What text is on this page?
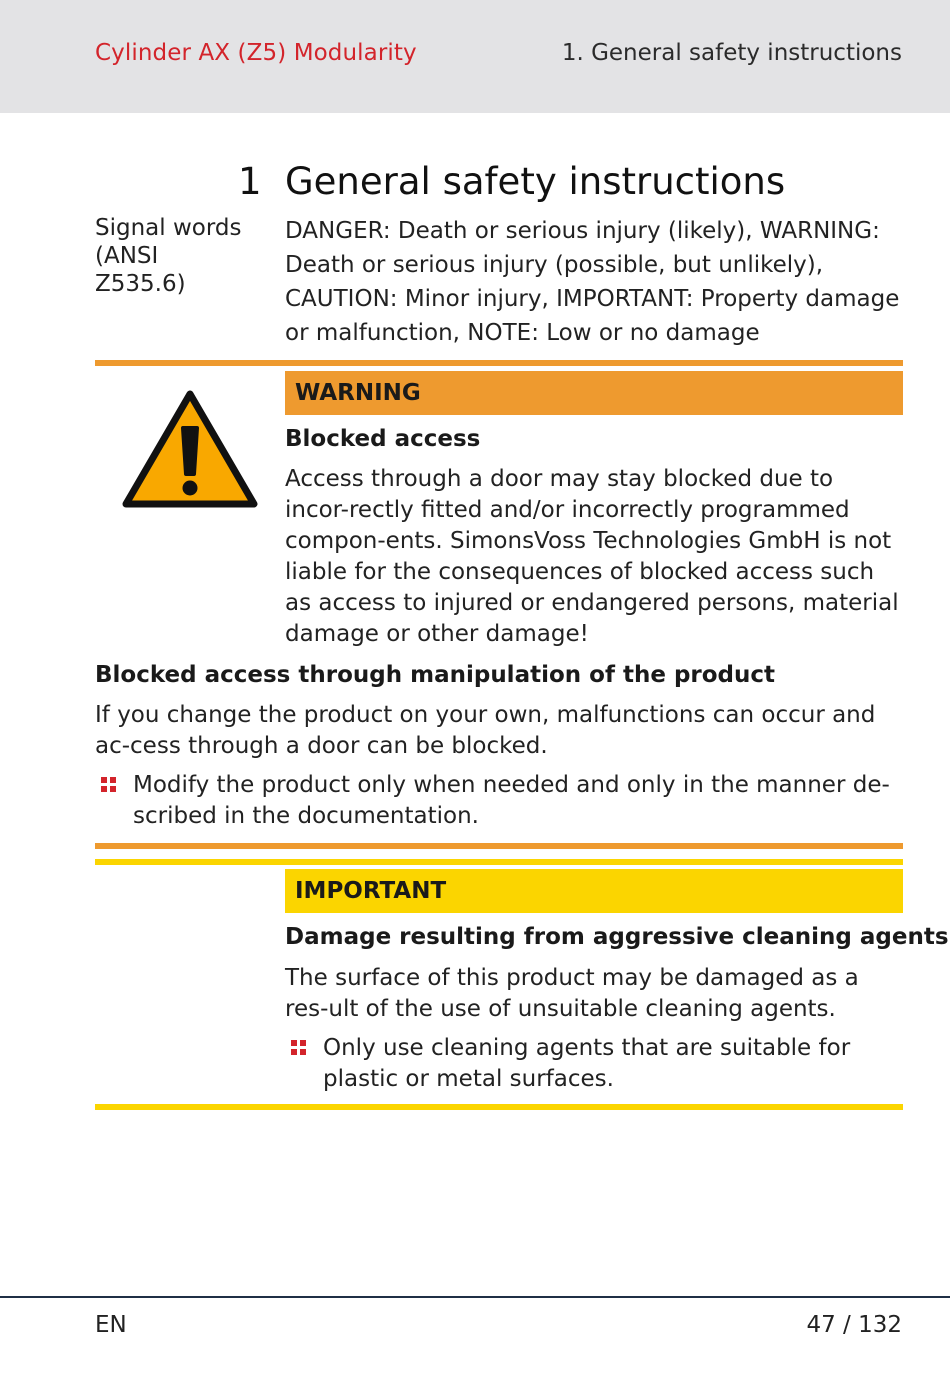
Cylinder AX (Z5) Modularity	1. General safety instructions
1 General safety instructions
Signal words (ANSI Z535.6)
DANGER: Death or serious injury (likely), WARNING: Death or serious injury (possible, but unlikely), CAUTION: Minor injury, IMPORTANT: Property damage or malfunction, NOTE: Low or no damage
WARNING
Blocked access
Access through a door may stay blocked due to incor-rectly fitted and/or incorrectly programmed compon-ents. SimonsVoss Technologies GmbH is not liable for the consequences of blocked access such as access to injured or endangered persons, material damage or other damage!
Blocked access through manipulation of the product
If you change the product on your own, malfunctions can occur and ac-cess through a door can be blocked.
Modify the product only when needed and only in the manner de-scribed in the documentation.
IMPORTANT
Damage resulting from aggressive cleaning agents
The surface of this product may be damaged as a res-ult of the use of unsuitable cleaning agents.
Only use cleaning agents that are suitable for plastic or metal surfaces.
EN	47 / 132
